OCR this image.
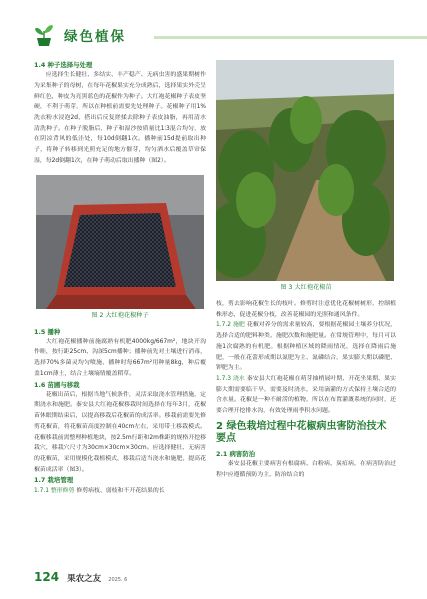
绿色植保
1.4 种子选择与处理

应选择生长健壮、多结实、丰产稳产、无病虫害的盛果期树作为采集种子的母树，在每年花椒果实充分成熟后，选择果实外壳呈鲜红色，种皮为亮黑蓝色的花椒作为种子。大红袍花椒种子表皮坚硬，不利于萌芽，所以在种植前需要先处理种子。花椒种子用1%洗衣粉水浸泡2d，搭出后反复搓揉去除种子表皮油脂，再用清水清洗种子。在种子脱脂后，种子和湿沙按质量比1∶3混合均匀，放在阴凉背风的低洼处，每10d倒翻1次。播种前15d提前取出种子，将种子转移到光照充足的地方催芽，均匀洒水后覆盖草帘保湿，每2d倒翻1次，在种子萌动后取出播种（图2）。

图 2 大红袍花椒种子
1.5 播种

大红袍花椒播种前施腐熟有机肥4000kg/667m²，地块开沟作畦，按行距25cm、沟深5cm播种；播种前先对土壤进行消毒，选择70%多菌灵均匀喷施，播种时每667m²用种量8kg，种后覆盖1cm薄土，结合土壤墒情覆盖稻草。

1.6 苗圃与移栽

花椒出苗后，根据当地气候条件，灵活采取浇水管理措施，定期浇水和施肥。秦安县大红袍花椒移栽时间选择在每年3月，花椒苗休眠期结束后，以提高移栽后花椒苗的成活率。移栽前需要先修剪花椒苗，将花椒苗高度控制在40cm左右，采用带土移栽模式。花椒移栽前需整理种植地块，按2.5m行距和2m株距的规格开挖移栽穴，移栽穴尺寸为30cm×30cm×30cm。应选择健壮、无病害的花椒苗，采用规模化栽植模式，移栽后适当浇水和施肥，提高花椒苗成活率（图3）。

1.7 栽培管理

1.7.1 整形修剪 修剪病枝、弱枝和不开花结果的长

图 3 大红袍花椒苗

枝，剪去影响花椒生长的枝叶。修剪时注意优化花椒树树形，控制植株形态，促进花椒分枝，改善花椒园的光照和通风条件。

1.7.2 施肥 花椒对养分的需求量较高，要根据花椒园土壤养分状况，选择合适的肥料种类、施肥次数和施肥量。在常规管理中，每月可以施1次腐熟的有机肥。根据种植区域的降雨情况，选择在降雨后施肥，一般在花蕾形成期以氮肥为主、氮磷结合，果实膨大期以磷肥、钾肥为主。

1.7.3 浇水 秦安县大红袍花椒在萌芽抽梢展叶期、开花坐果期、果实膨大期需要临干旱，需要及时浇水，采用滴灌的方式保持土壤合适的含水量。花椒是一种不耐涝的植物，所以在布置灌溉系统的同时，还要合理开挖排水沟，有效处理雨季积水问题。

2 绿色栽培过程中花椒病虫害防治技术要点
2.1 病害防治

秦安县花椒主要病害有根腐病、白粉病、炭疽病，在病害防治过程中应遵循预防为主、防治结合的

124 果农之友 2025. 6
